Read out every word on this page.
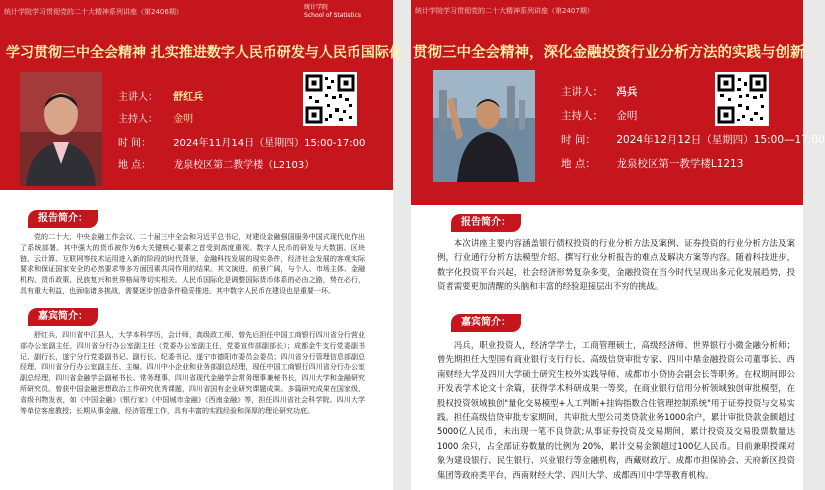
统计学院学习贯彻党的二十大精神系列讲座（第2406期）
统计学院
School of Statistics
学习贯彻三中全会精神 扎实推进数字人民币研发与人民币国际化
主讲人： 舒红兵
主持人： 金明
时 间： 2024年11月14日（星期四）15:00-17:00
地 点： 龙泉校区第二教学楼（L2103）
报告简介：
党的二十大、中央金融工作会议、二十届三中全会和习近平总书记，对建设金融强国服务中国式现代化作出了系统部署。其中强大的货币被作为6大关键核心要素之首受到高度重视。数字人民币的研发与大数据、区块链、云计算、互联网等技术运用进入新的阶段的时代背景，金融科技发展的现实条件，经济社会发展的客观实际要求和保证国家安全的必然要求等多方面因素共同作用的结果。其文演进、前景广阔，与个人、市场主体、金融机构、货币政策、民族复兴和世界格局等切实相关。人民币国际化是调整国际货币体系的必由之路，势在必行，具有重大利益，也面临诸多挑战，需要逐步创造条件稳妥推进。其中数字人民币在建设也是重要一环。
嘉宾简介：
舒红兵，四川省中江县人，大学本科学历，会计师，高级政工师，曾先后担任中国工商银行四川省分行营业部办公室副主任，四川省分行办公室副主任（党委办公室副主任，党委宣传部副部长）；成都金牛支行党委副书记、副行长，遂宁分行党委副书记、副行长、纪委书记、遂宁市德阳市委员会委员；四川省分行管理信息部副总经理，四川省分行办公室副主任、主编，四川中小企业和业务部副总经理，现任中国工商银行四川省分行办公室副总经理，四川省金融学会副秘书长、常务理事，四川省现代金融学会常务理事兼秘书长，四川大学和金融研究所研究员。曾获中国金融思想政治工作研究优秀课题，四川省国有企业研究课题成果。多篇研究成果在国家级、省级刊物发表，如《中国金融》《银行家》《中国城市金融》《西南金融》等，担任四川省社会科学院、四川大学等单位客座教授；长期从事金融、经济管理工作，具有丰富的实践经验和深厚的理论研究功底。
统计学院学习贯彻党的二十大精神系列讲座（第2407期）
贯彻三中全会精神，深化金融投资行业分析方法的实践与创新
主讲人： 冯兵
主持人： 金明
时 间： 2024年12月12日（星期四）15:00—17:00
地 点： 龙泉校区第一教学楼L1213
报告简介：
本次讲座主要内容涵盖银行债权投资的行业分析方法及案例、证券投资的行业分析方法及案例，行业通行分析方法模型介绍、撰写行业分析报告的难点及解决方案等内容。随着科技进步，数字化投资平台兴起，社会经济形势复杂多变，金融投资在当今时代呈现出多元化发展趋势，投资者需要更加清醒的头脑和丰富的经验迎接层出不穷的挑战。
嘉宾简介：
冯兵，职业投资人，经济学学士，工商管理硕士，高级经济师、世界银行小微金融分析师；曾先期担任大型国有商业银行支行行长、高级信贷审批专家、四川中鼎金融投资公司董事长、西南财经大学及四川大学硕士研究生校外实践导师、成都市小贷协会副会长等职务。在权期间即公开发表学术论文十余篇，获得学术科研成果一等奖，在商业银行信用分析领域独创审批模型，在股权投资领域独创"量化交易模型+人工判断+挂钩指数合住管理控制系统"用于证券投资与交易实践。担任高级信贷审批专家期间，共审批大型公司类贷款业务1000余户，累计审批贷款金额超过5000亿人民币，未出现一笔不良贷款;从事证券投资及交易期间，累计投资及交易股票数量达1000 余只，占全部证券数量的比例为 20%，累计交易金额超过100亿人民币。目前兼职授课对象为建设银行、民生银行、兴业银行等金融机构，西藏财政厅、成都市担保协会、天府新区投资集团等政府类平台，西南财经大学、四川大学、成都西川中学等教育机构。
